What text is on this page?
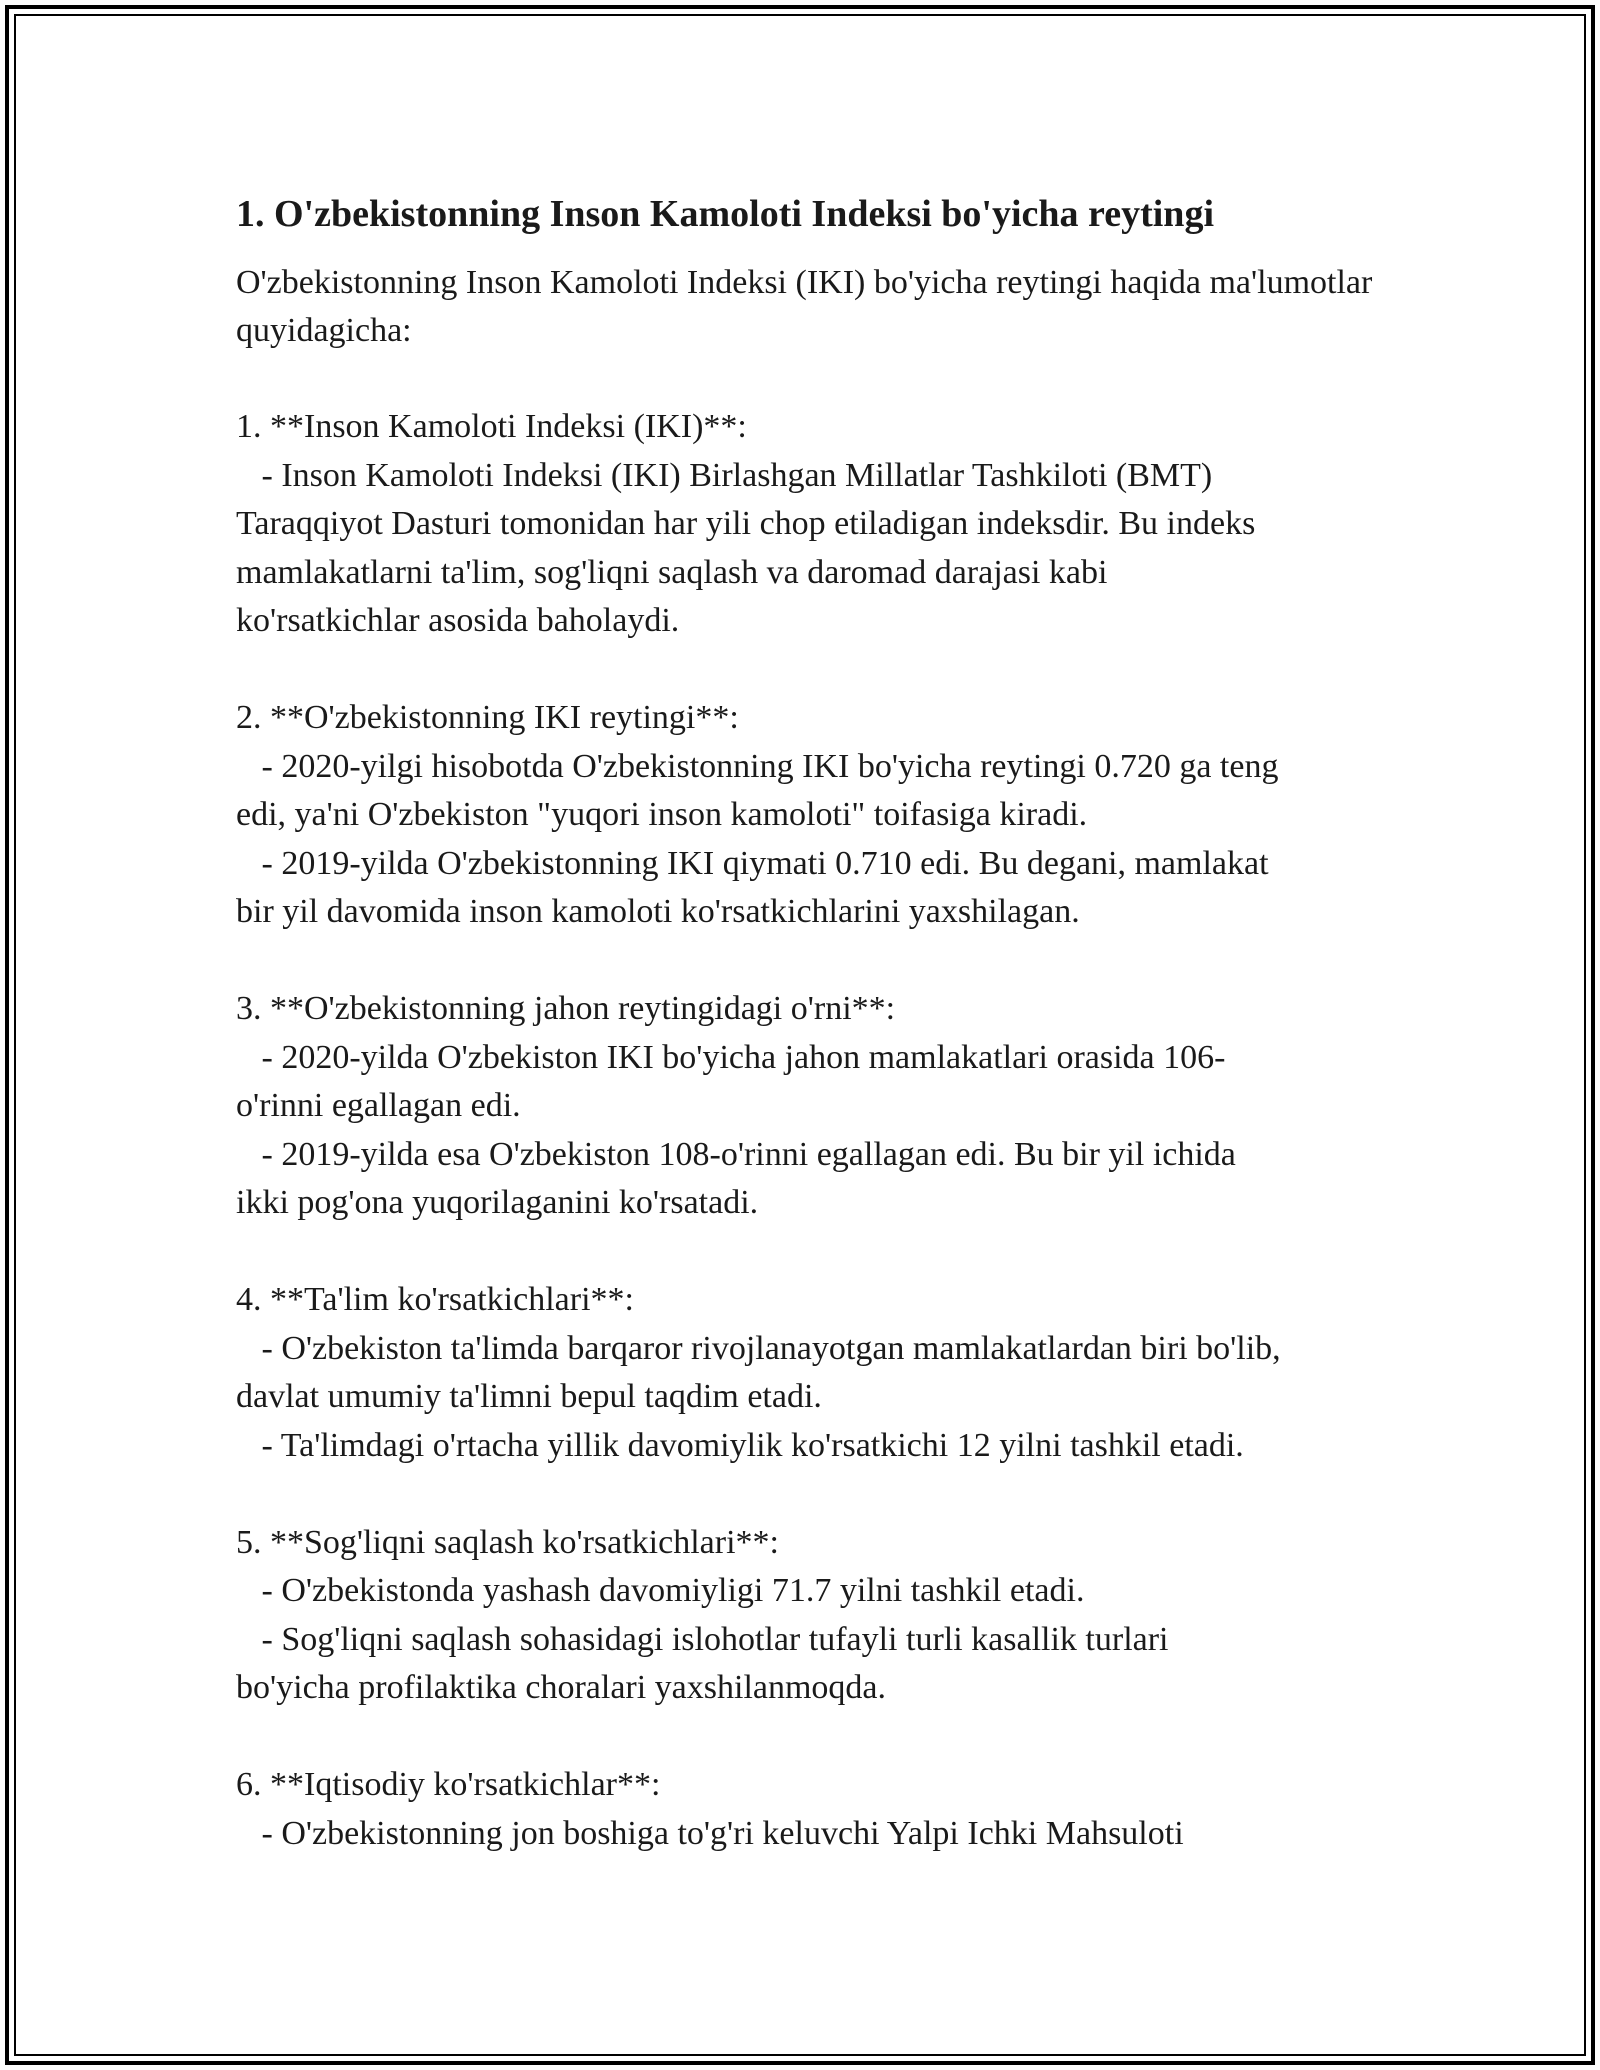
1. O'zbekistonning Inson Kamoloti Indeksi bo'yicha reytingi

O'zbekistonning Inson Kamoloti Indeksi (IKI) bo'yicha reytingi haqida ma'lumotlar quyidagicha:

1. **Inson Kamoloti Indeksi (IKI)**:
- Inson Kamoloti Indeksi (IKI) Birlashgan Millatlar Tashkiloti (BMT)
Taraqqiyot Dasturi tomonidan har yili chop etiladigan indeksdir. Bu indeks
mamlakatlarni ta'lim, sog'liqni saqlash va daromad darajasi kabi
ko'rsatkichlar asosida baholaydi.

2. **O'zbekistonning IKI reytingi**:
- 2020-yilgi hisobotda O'zbekistonning IKI bo'yicha reytingi 0.720 ga teng
edi, ya'ni O'zbekiston "yuqori inson kamoloti" toifasiga kiradi.
- 2019-yilda O'zbekistonning IKI qiymati 0.710 edi. Bu degani, mamlakat
bir yil davomida inson kamoloti ko'rsatkichlarini yaxshilagan.

3. **O'zbekistonning jahon reytingidagi o'rni**:
- 2020-yilda O'zbekiston IKI bo'yicha jahon mamlakatlari orasida 106-
o'rinni egallagan edi.
- 2019-yilda esa O'zbekiston 108-o'rinni egallagan edi. Bu bir yil ichida
ikki pog'ona yuqorilaganini ko'rsatadi.

4. **Ta'lim ko'rsatkichlari**:
- O'zbekiston ta'limda barqaror rivojlanayotgan mamlakatlardan biri bo'lib,
davlat umumiy ta'limni bepul taqdim etadi.
- Ta'limdagi o'rtacha yillik davomiylik ko'rsatkichi 12 yilni tashkil etadi.

5. **Sog'liqni saqlash ko'rsatkichlari**:
- O'zbekistonda yashash davomiyligi 71.7 yilni tashkil etadi.
- Sog'liqni saqlash sohasidagi islohotlar tufayli turli kasallik turlari
bo'yicha profilaktika choralari yaxshilanmoqda.

6. **Iqtisodiy ko'rsatkichlar**:
- O'zbekistonning jon boshiga to'g'ri keluvchi Yalpi Ichki Mahsuloti
